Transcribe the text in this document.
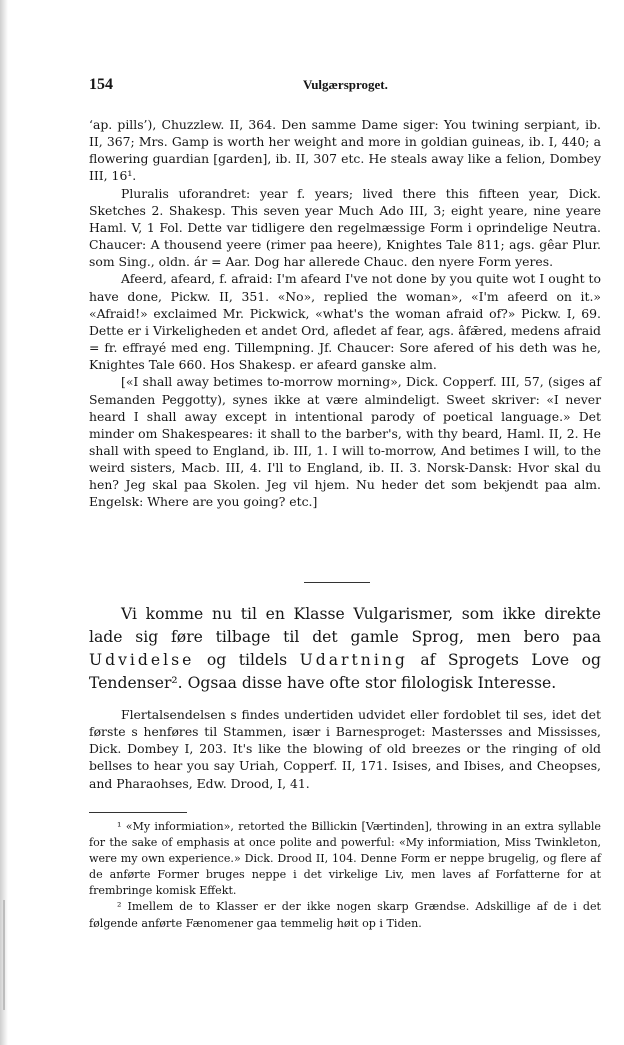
154	Vulgærsproget.

‘ap. pills’), Chuzzlew. II, 364. Den samme Dame siger: You twining serpiant, ib. II, 367; Mrs. Gamp is worth her weight and more in goldian guineas, ib. I, 440; a flowering guardian [garden], ib. II, 307 etc. He steals away like a felion, Dombey III, 16¹.

Pluralis uforandret: year f. years; lived there this fifteen year, Dick. Sketches 2. Shakesp. This seven year Much Ado III, 3; eight yeare, nine yeare Haml. V, 1 Fol. Dette var tidligere den regelmæssige Form i oprindelige Neutra. Chaucer: A thousend yeere (rimer paa heere), Knightes Tale 811; ags. gêar Plur. som Sing., oldn. ár = Aar. Dog har allerede Chauc. den nyere Form yeres.

Afeerd, afeard, f. afraid: I'm afeard I've not done by you quite wot I ought to have done, Pickw. II, 351. «No», replied the woman», «I'm afeerd on it.» «Afraid!» exclaimed Mr. Pickwick, «what's the woman afraid of?» Pickw. I, 69. Dette er i Virkeligheden et andet Ord, afledet af fear, ags. âfǣred, medens afraid = fr. effrayé med eng. Tillempning. Jf. Chaucer: Sore afered of his deth was he, Knightes Tale 660. Hos Shakesp. er afeard ganske alm.

[«I shall away betimes to-morrow morning», Dick. Copperf. III, 57, (siges af Semanden Peggotty), synes ikke at være almindeligt. Sweet skriver: «I never heard I shall away except in intentional parody of poetical language.» Det minder om Shakespeares: it shall to the barber's, with thy beard, Haml. II, 2. He shall with speed to England, ib. III, 1. I will to-morrow, And betimes I will, to the weird sisters, Macb. III, 4. I'll to England, ib. II. 3. Norsk-Dansk: Hvor skal du hen? Jeg skal paa Skolen. Jeg vil hjem. Nu heder det som bekjendt paa alm. Engelsk: Where are you going? etc.]

Vi komme nu til en Klasse Vulgarismer, som ikke direkte lade sig føre tilbage til det gamle Sprog, men bero paa Udvidelse og tildels Udartning af Sprogets Love og Tendenser². Ogsaa disse have ofte stor filologisk Interesse.

Flertalsendelsen s findes undertiden udvidet eller fordoblet til ses, idet det første s henføres til Stammen, især i Barnesproget: Mastersses and Mississes, Dick. Dombey I, 203. It's like the blowing of old breezes or the ringing of old bellses to hear you say Uriah, Copperf. II, 171. Isises, and Ibises, and Cheopses, and Pharaohses, Edw. Drood, I, 41.

¹ «My informiation», retorted the Billickin [Værtinden], throwing in an extra syllable for the sake of emphasis at once polite and powerful: «My informiation, Miss Twinkleton, were my own experience.» Dick. Drood II, 104. Denne Form er neppe brugelig, og flere af de anførte Former bruges neppe i det virkelige Liv, men laves af Forfatterne for at frembringe komisk Effekt.

² Imellem de to Klasser er der ikke nogen skarp Grændse. Adskillige af de i det følgende anførte Fænomener gaa temmelig høit op i Tiden.
